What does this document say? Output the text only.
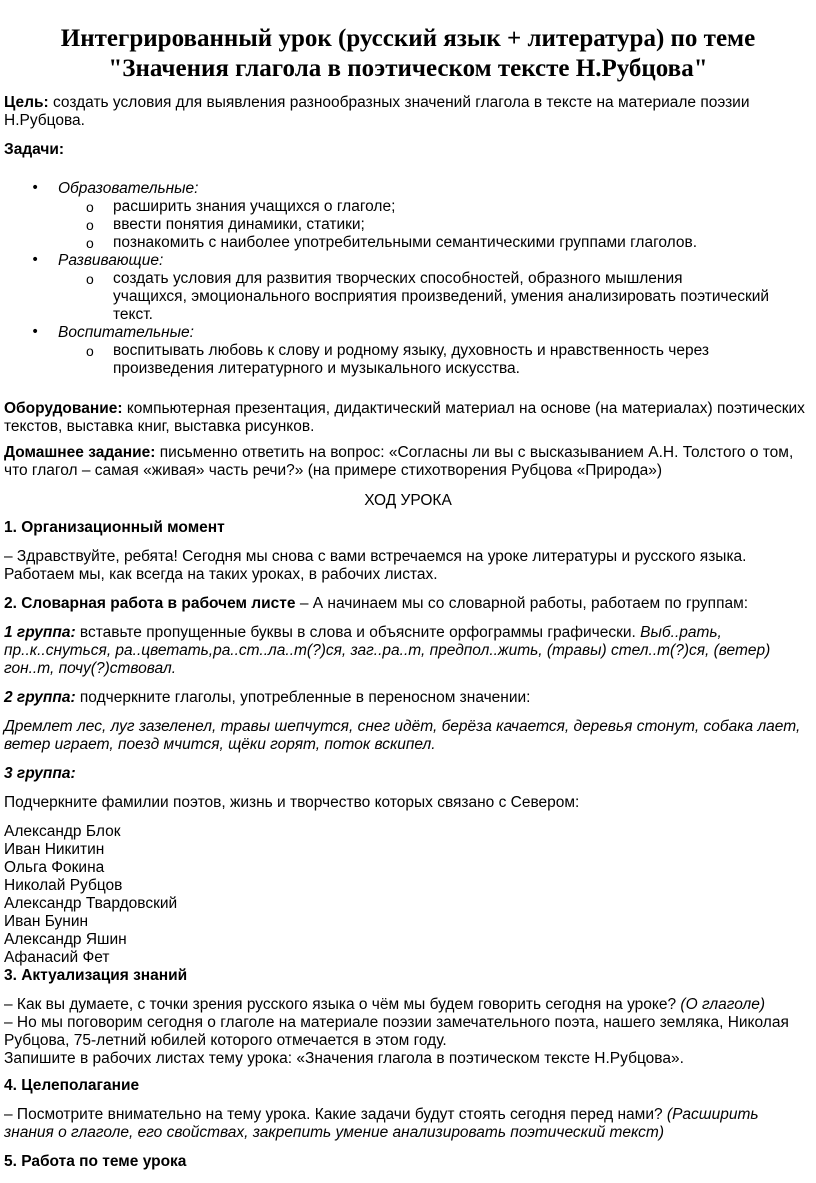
Интегрированный урок (русский язык + литература) по теме
"Значения глагола в поэтическом тексте Н.Рубцова"
Цель: создать условия для выявления разнообразных значений глагола в тексте на материале поэзии
Н.Рубцова.
Задачи:
• Образовательные:
o расширить знания учащихся о глаголе;
o ввести понятия динамики, статики;
o познакомить с наиболее употребительными семантическими группами глаголов.
• Развивающие:
o создать условия для развития творческих способностей, образного мышления
учащихся, эмоционального восприятия произведений, умения анализировать поэтический
текст.
• Воспитательные:
o воспитывать любовь к слову и родному языку, духовность и нравственность через
произведения литературного и музыкального искусства.
Оборудование: компьютерная презентация, дидактический материал на основе (на материалах) поэтических
текстов, выставка книг, выставка рисунков.
Домашнее задание: письменно ответить на вопрос: «Согласны ли вы с высказыванием А.Н. Толстого о том,
что глагол – самая «живая» часть речи?» (на примере стихотворения Рубцова «Природа»)
ХОД УРОКА
1. Организационный момент
– Здравствуйте, ребята! Сегодня мы снова с вами встречаемся на уроке литературы и русского языка.
Работаем мы, как всегда на таких уроках, в рабочих листах.
2. Словарная работа в рабочем листе – А начинаем мы со словарной работы, работаем по группам:
1 группа: вставьте пропущенные буквы в слова и объясните орфограммы графически. Выб..рать,
пр..к..снуться, ра..цветать,ра..ст..ла..т(?)ся, заг..ра..т, предпол..жить, (травы) стел..т(?)ся, (ветер)
гон..т, почу(?)ствовал.
2 группа: подчеркните глаголы, употребленные в переносном значении:
Дремлет лес, луг зазеленел, травы шепчутся, снег идёт, берёза качается, деревья стонут, собака лает,
ветер играет, поезд мчится, щёки горят, поток вскипел.
3 группа:
Подчеркните фамилии поэтов, жизнь и творчество которых связано с Севером:
Александр Блок
Иван Никитин
Ольга Фокина
Николай Рубцов
Александр Твардовский
Иван Бунин
Александр Яшин
Афанасий Фет
3. Актуализация знаний
– Как вы думаете, с точки зрения русского языка о чём мы будем говорить сегодня на уроке? (О глаголе)
– Но мы поговорим сегодня о глаголе на материале поэзии замечательного поэта, нашего земляка, Николая
Рубцова, 75-летний юбилей которого отмечается в этом году.
Запишите в рабочих листах тему урока: «Значения глагола в поэтическом тексте Н.Рубцова».
4. Целеполагание
– Посмотрите внимательно на тему урока. Какие задачи будут стоять сегодня перед нами? (Расширить
знания о глаголе, его свойствах, закрепить умение анализировать поэтический текст)
5. Работа по теме урока
